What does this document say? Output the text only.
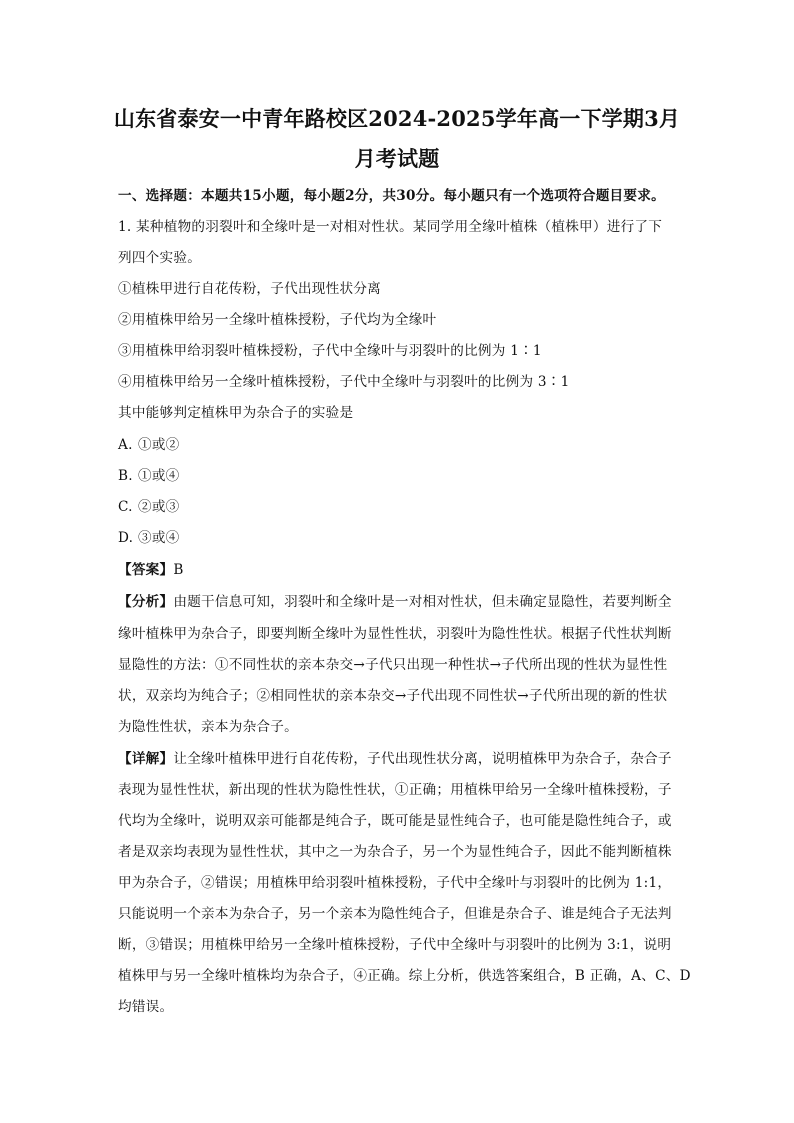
山东省泰安一中青年路校区2024-2025学年高一下学期3月
月考试题
一、选择题：本题共15小题，每小题2分，共30分。每小题只有一个选项符合题目要求。
1. 某种植物的羽裂叶和全缘叶是一对相对性状。某同学用全缘叶植株（植株甲）进行了下
列四个实验。
①植株甲进行自花传粉，子代出现性状分离
②用植株甲给另一全缘叶植株授粉，子代均为全缘叶
③用植株甲给羽裂叶植株授粉，子代中全缘叶与羽裂叶的比例为 1∶1
④用植株甲给另一全缘叶植株授粉，子代中全缘叶与羽裂叶的比例为 3∶1
其中能够判定植株甲为杂合子的实验是
A. ①或②
B. ①或④
C. ②或③
D. ③或④
【答案】B
【分析】由题干信息可知，羽裂叶和全缘叶是一对相对性状，但未确定显隐性，若要判断全
缘叶植株甲为杂合子，即要判断全缘叶为显性性状，羽裂叶为隐性性状。根据子代性状判断
显隐性的方法：①不同性状的亲本杂交→子代只出现一种性状→子代所出现的性状为显性性
状，双亲均为纯合子；②相同性状的亲本杂交→子代出现不同性状→子代所出现的新的性状
为隐性性状，亲本为杂合子。
【详解】让全缘叶植株甲进行自花传粉，子代出现性状分离，说明植株甲为杂合子，杂合子
表现为显性性状，新出现的性状为隐性性状，①正确；用植株甲给另一全缘叶植株授粉，子
代均为全缘叶，说明双亲可能都是纯合子，既可能是显性纯合子，也可能是隐性纯合子，或
者是双亲均表现为显性性状，其中之一为杂合子，另一个为显性纯合子，因此不能判断植株
甲为杂合子，②错误；用植株甲给羽裂叶植株授粉，子代中全缘叶与羽裂叶的比例为 1:1，
只能说明一个亲本为杂合子，另一个亲本为隐性纯合子，但谁是杂合子、谁是纯合子无法判
断，③错误；用植株甲给另一全缘叶植株授粉，子代中全缘叶与羽裂叶的比例为 3:1，说明
植株甲与另一全缘叶植株均为杂合子，④正确。综上分析，供选答案组合，B 正确，A、C、D
均错误。
